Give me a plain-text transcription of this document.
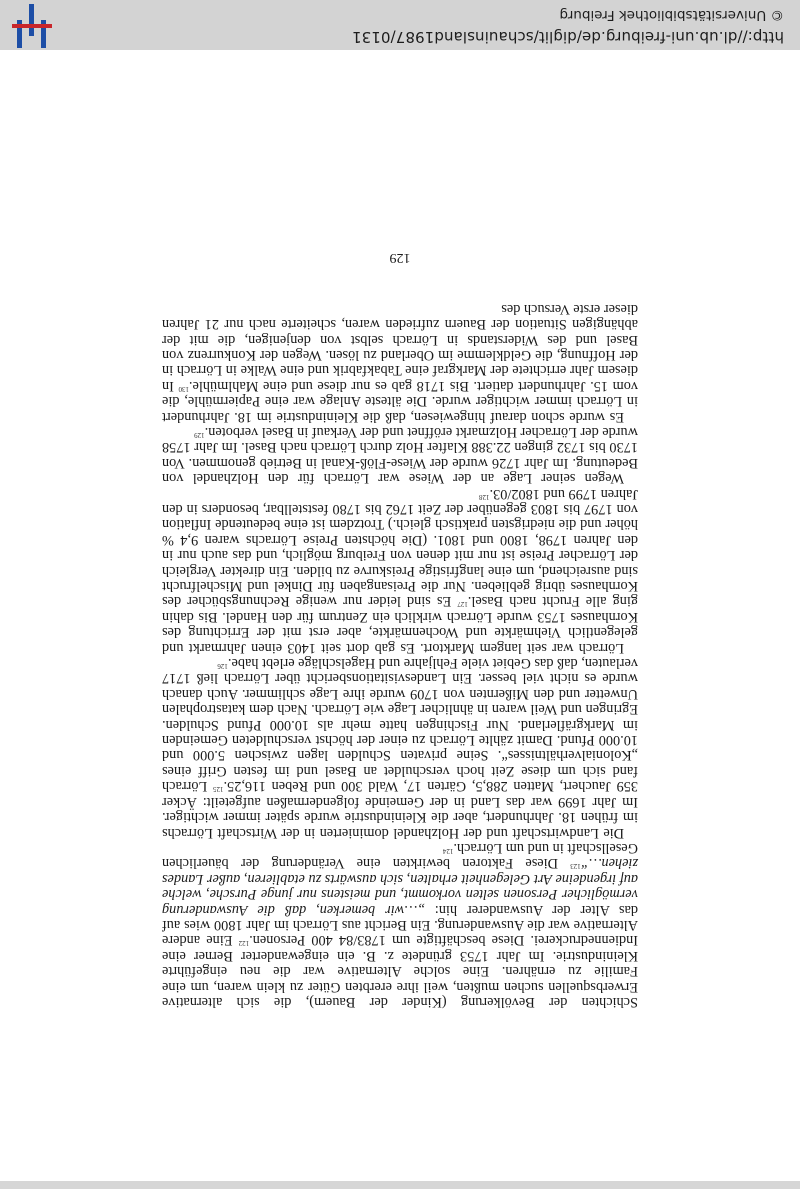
Schichten der Bevölkerung (Kinder der Bauern), die sich alternative Erwerbsquellen suchen mußten, weil ihre ererbten Güter zu klein waren, um eine Familie zu ernähren. Eine solche Alternative war die neu eingeführte Kleinindustrie. Im Jahr 1753 gründete z. B. ein eingewanderter Berner eine Indiennedruckerei. Diese beschäftigte um 1783/84 400 Personen.$^{122}$ Eine andere Alternative war die Auswanderung. Ein Bericht aus Lörrach im Jahr 1800 wies auf das Alter der Auswanderer hin: „…wir bemerken, daß die Auswanderung vermöglicher Personen selten vorkommt, und meistens nur junge Pursche, welche auf irgendeine Art Gelegenheit erhalten, sich auswärts zu etablieren, außer Landes ziehen…“$^{123}$ Diese Faktoren bewirkten eine Veränderung der bäuerlichen Gesellschaft in und um Lörrach.$^{124}$

Die Landwirtschaft und der Holzhandel dominierten in der Wirtschaft Lörrachs im frühen 18. Jahrhundert, aber die Kleinindustrie wurde später immer wichtiger. Im Jahr 1699 war das Land in der Gemeinde folgendermaßen aufgeteilt: Äcker 359 Jauchert, Matten 288,5, Gärten 17, Wald 300 und Reben 116,25.$^{125}$ Lörrach fand sich um diese Zeit hoch verschuldet an Basel und im festen Griff eines „Kolonialverhältnisses“. Seine privaten Schulden lagen zwischen 5.000 und 10.000 Pfund. Damit zählte Lörrach zu einer der höchst verschuldeten Gemeinden im Markgräflerland. Nur Fischingen hatte mehr als 10.000 Pfund Schulden. Egringen und Weil waren in ähnlicher Lage wie Lörrach. Nach dem katastrophalen Unwetter und den Mißernten von 1709 wurde ihre Lage schlimmer. Auch danach wurde es nicht viel besser. Ein Landesvisitationsbericht über Lörrach ließ 1717 verlauten, daß das Gebiet viele Fehljahre und Hagelschläge erlebt habe.$^{126}$

Lörrach war seit langem Marktort. Es gab dort seit 1403 einen Jahrmarkt und gelegentlich Viehmärkte und Wochenmärkte, aber erst mit der Errichtung des Kornhauses 1753 wurde Lörrach wirklich ein Zentrum für den Handel. Bis dahin ging alle Frucht nach Basel.$^{127}$ Es sind leider nur wenige Rechnungsbücher des Kornhauses übrig geblieben. Nur die Preisangaben für Dinkel und Mischelfrucht sind ausreichend, um eine langfristige Preiskurve zu bilden. Ein direkter Vergleich der Lörracher Preise ist nur mit denen von Freiburg möglich, und das auch nur in den Jahren 1798, 1800 und 1801. (Die höchsten Preise Lörrachs waren 9,4 % höher und die niedrigsten praktisch gleich.) Trotzdem ist eine bedeutende Inflation von 1797 bis 1803 gegenüber der Zeit 1762 bis 1780 feststellbar, besonders in den Jahren 1799 und 1802/03.$^{128}$

Wegen seiner Lage an der Wiese war Lörrach für den Holzhandel von Bedeutung. Im Jahr 1726 wurde der Wiese-Flöß-Kanal in Betrieb genommen. Von 1730 bis 1732 gingen 22.388 Klafter Holz durch Lörrach nach Basel. Im Jahr 1758 wurde der Lörracher Holzmarkt eröffnet und der Verkauf in Basel verboten.$^{129}$

Es wurde schon darauf hingewiesen, daß die Kleinindustrie im 18. Jahrhundert in Lörrach immer wichtiger wurde. Die älteste Anlage war eine Papiermühle, die vom 15. Jahrhundert datiert. Bis 1718 gab es nur diese und eine Mahlmühle.$^{130}$ In diesem Jahr errichtete der Markgraf eine Tabakfabrik und eine Walke in Lörrach in der Hoffnung, die Geldklemme im Oberland zu lösen. Wegen der Konkurrenz von Basel und des Widerstands in Lörrach selbst von denjenigen, die mit der abhängigen Situation der Bauern zufrieden waren, scheiterte nach nur 21 Jahren dieser erste Versuch des

129
http://dl.ub.uni-freiburg.de/diglit/schauinsland1987/0131
© Universitätsbibliothek Freiburg
